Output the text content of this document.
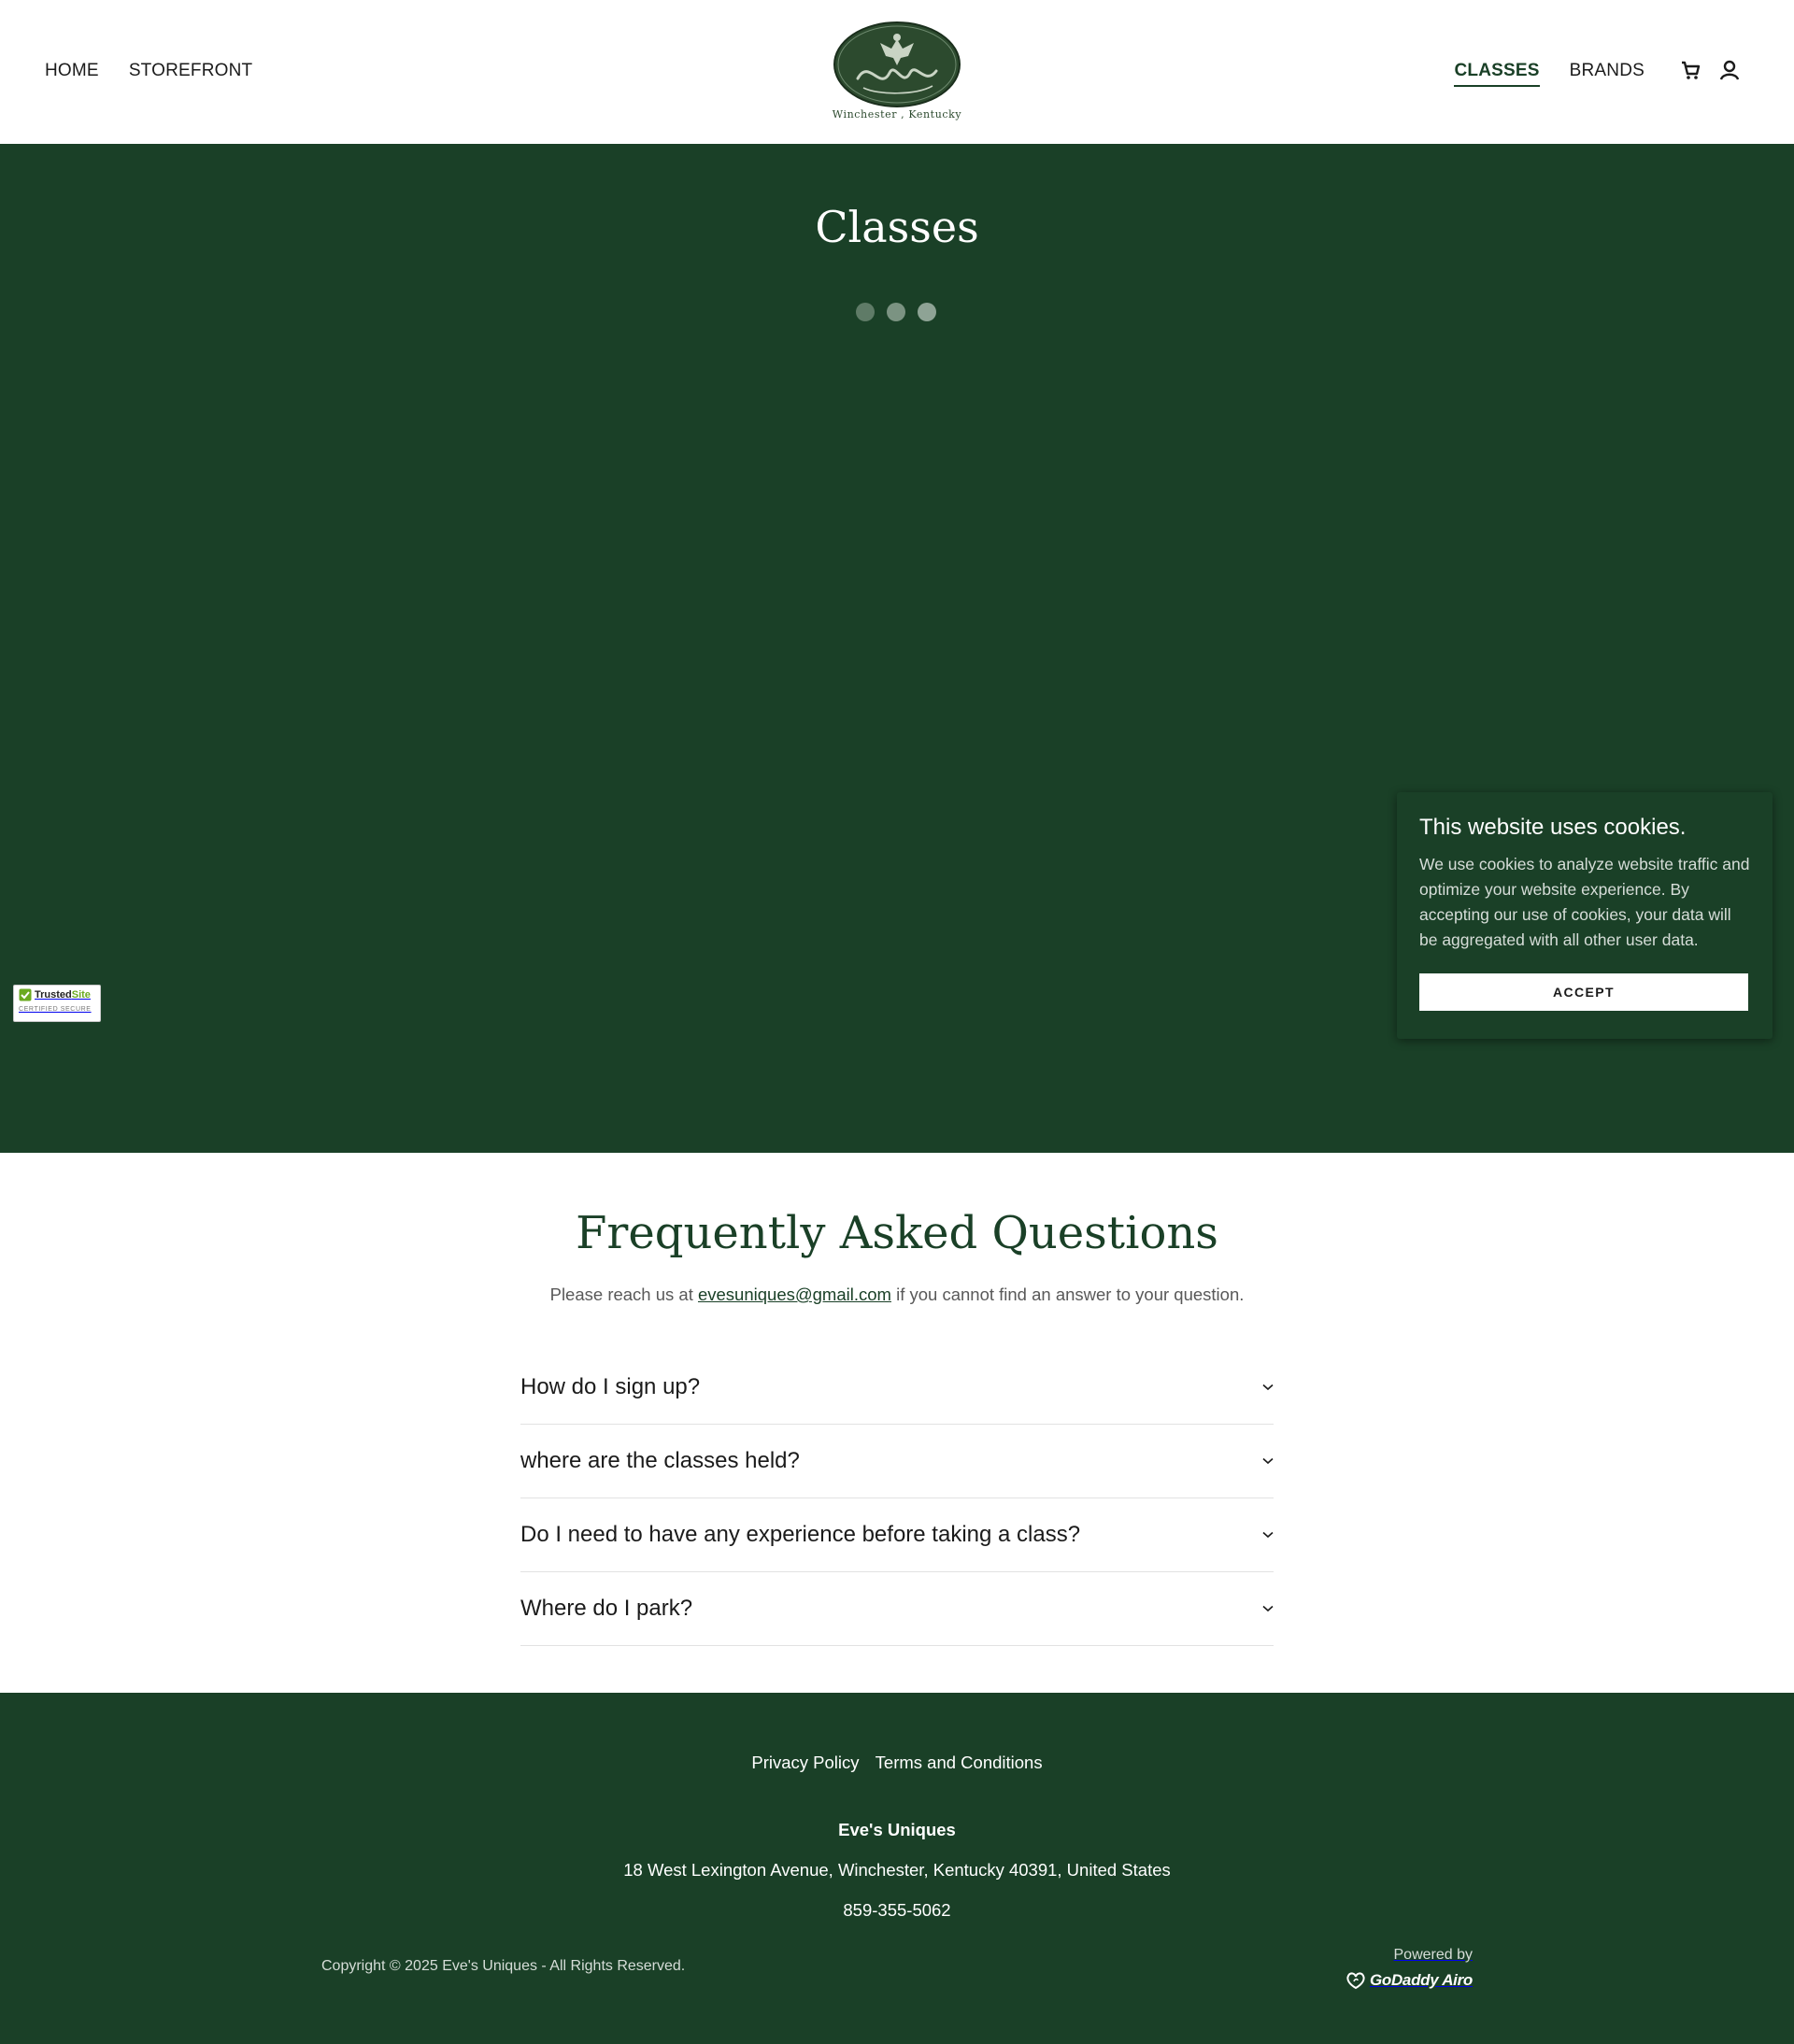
HOME STOREFRONT
Winchester , Kentucky
CLASSES BRANDS
Classes
Trusted Site
CERTIFIED SECURE
This website uses cookies.

We use cookies to analyze website traffic and optimize your website experience. By accepting our use of cookies, your data will be aggregated with all other user data.

ACCEPT
Frequently Asked Questions

Please reach us at evesuniques@gmail.com if you cannot find an answer to your question.

How do I sign up?
where are the classes held?
Do I need to have any experience before taking a class?
Where do I park?
Privacy Policy Terms and Conditions
Eve's Uniques
18 West Lexington Avenue, Winchester, Kentucky 40391, United States
859-355-5062
Copyright © 2025 Eve's Uniques - All Rights Reserved.
Powered by
GoDaddy Airo
